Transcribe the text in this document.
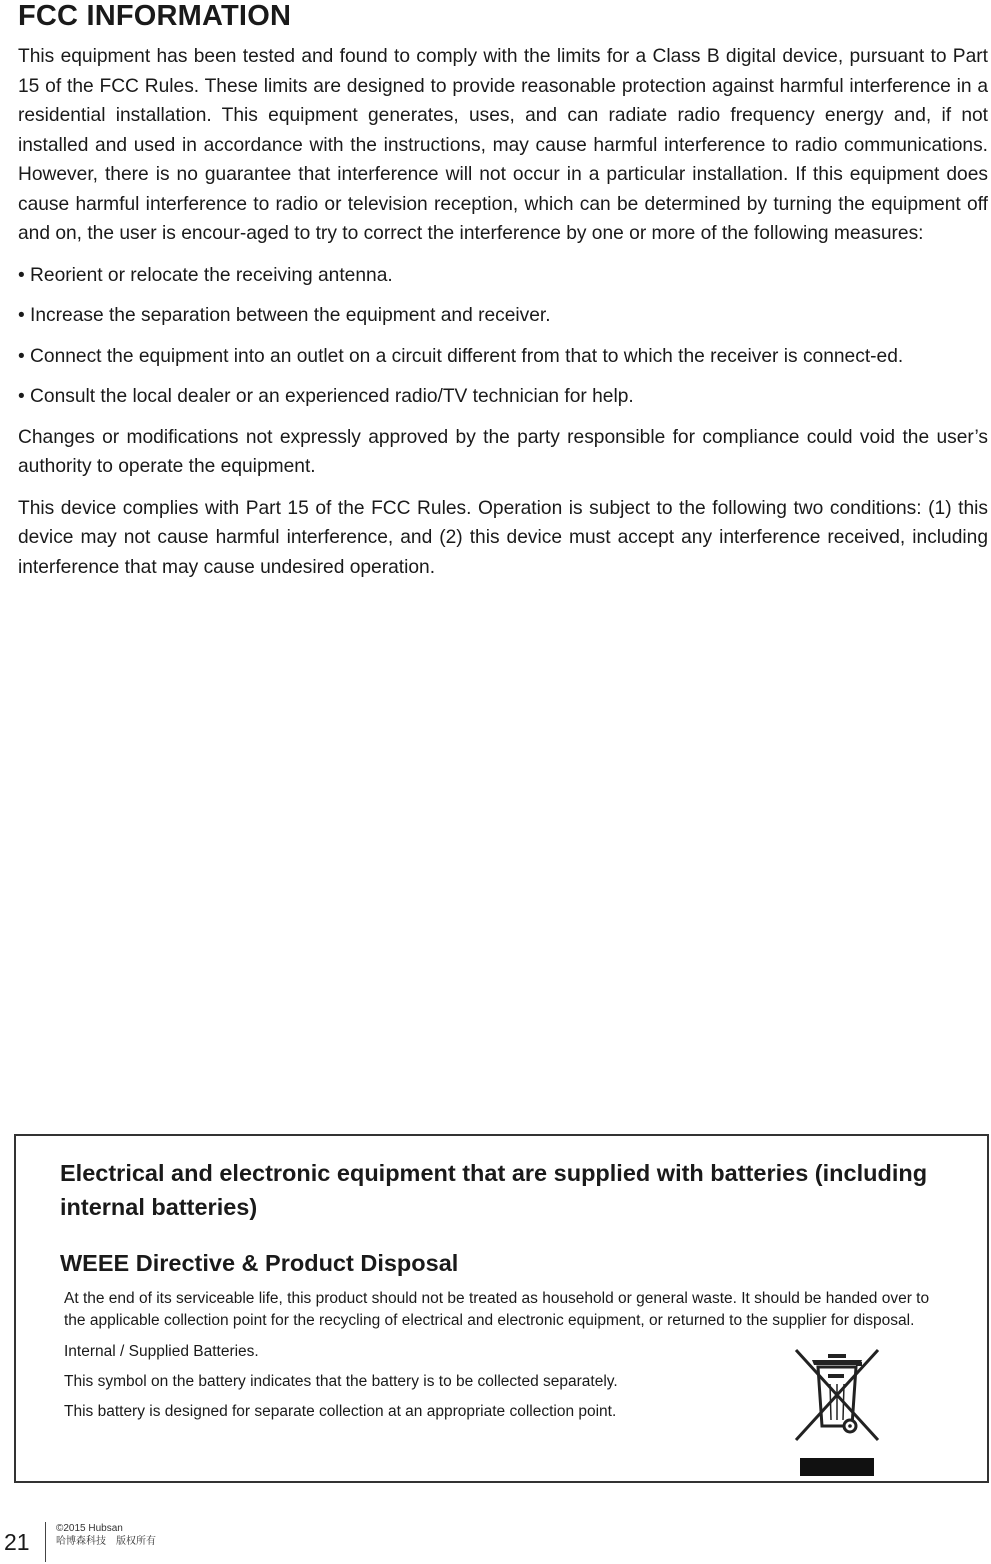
FCC INFORMATION

This equipment has been tested and found to comply with the limits for a Class B digital device, pursuant to Part 15 of the FCC Rules. These limits are designed to provide reasonable protection against harmful interference in a residential installation. This equipment generates, uses, and can radiate radio frequency energy and, if not installed and used in accordance with the instructions, may cause harmful interference to radio communications. However, there is no guarantee that interference will not occur in a particular installation. If this equipment does cause harmful interference to radio or television reception, which can be determined by turning the equipment off and on, the user is encour-aged to try to correct the interference by one or more of the following measures:

• Reorient or relocate the receiving antenna.

• Increase the separation between the equipment and receiver.

• Connect the equipment into an outlet on a circuit different from that to which the receiver is connect-ed.

• Consult the local dealer or an experienced radio/TV technician for help.

Changes or modifications not expressly approved by the party responsible for compliance could void the user’s authority to operate the equipment.

This device complies with Part 15 of the FCC Rules. Operation is subject to the following two conditions: (1) this device may not cause harmful interference, and (2) this device must accept any interference received, including interference that may cause undesired operation.

Electrical and electronic equipment that are supplied with batteries (including internal batteries)
WEEE Directive & Product Disposal

At the end of its serviceable life, this product should not be treated as household or general waste. It should be handed over to the applicable collection point for the recycling of electrical and electronic equipment, or returned to the supplier for disposal.

Internal / Supplied Batteries.

This symbol on the battery indicates that the battery is to be collected separately.

This battery is designed for separate collection at an appropriate collection point.

21
©2015 Hubsan
哈博森科技　版权所有
